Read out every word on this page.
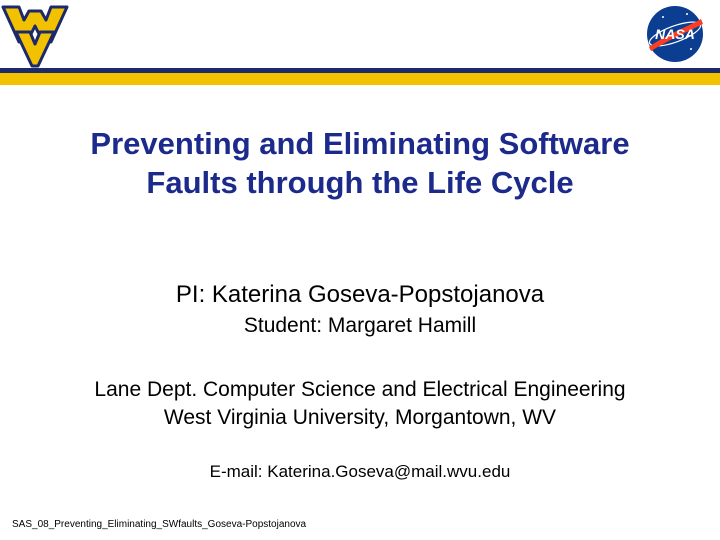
NASA
Preventing and Eliminating Software
Faults through the Life Cycle
PI: Katerina Goseva-Popstojanova
Student: Margaret Hamill
Lane Dept. Computer Science and Electrical Engineering
West Virginia University, Morgantown, WV
E-mail: Katerina.Goseva@mail.wvu.edu
SAS_08_Preventing_Eliminating_SWfaults_Goseva-Popstojanova
